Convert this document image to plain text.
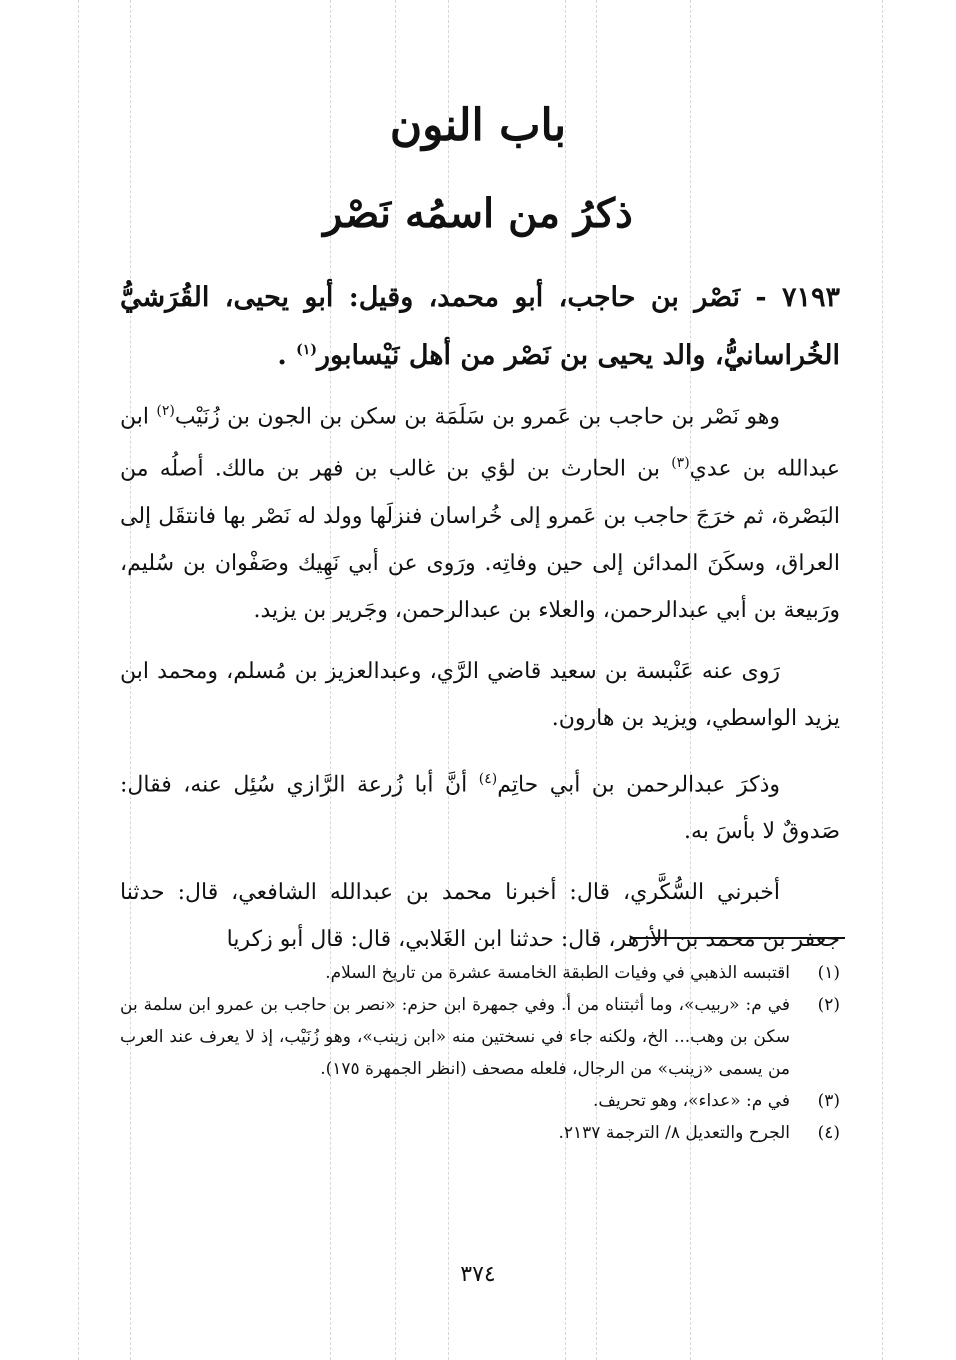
باب النون
ذكرُ من اسمُه نَصْر
٧١٩٣ - نَصْر بن حاجب، أبو محمد، وقيل: أبو يحيى، القُرَشيُّ الخُراسانيُّ، والد يحيى بن نَصْر من أهل نَيْسابور$^{(١)}$ .

وهو نَصْر بن حاجب بن عَمرو بن سَلَمَة بن سكن بن الجون بن زُنَيْب$^{(٢)}$ ابن عبدالله بن عدي$^{(٣)}$ بن الحارث بن لؤي بن غالب بن فهر بن مالك. أصلُه من البَصْرة، ثم خرَجَ حاجب بن عَمرو إلى خُراسان فنزلَها وولد له نَصْر بها فانتقَل إلى العراق، وسكَنَ المدائن إلى حين وفاتِه. ورَوى عن أبي نَهِيك وصَفْوان بن سُليم، ورَبيعة بن أبي عبدالرحمن، والعلاء بن عبدالرحمن، وجَرير بن يزيد.

رَوى عنه عَنْبسة بن سعيد قاضي الرَّي، وعبدالعزيز بن مُسلم، ومحمد ابن يزيد الواسطي، ويزيد بن هارون.

وذكرَ عبدالرحمن بن أبي حاتِم$^{(٤)}$ أنَّ أبا زُرعة الرَّازي سُئِل عنه، فقال: صَدوقٌ لا بأسَ به.

أخبرني السُّكَّري، قال: أخبرنا محمد بن عبدالله الشافعي، قال: حدثنا جعفر بن محمد بن الأزهر، قال: حدثنا ابن الغَلابي، قال: قال أبو زكريا

(١)
اقتبسه الذهبي في وفيات الطبقة الخامسة عشرة من تاريخ السلام.
(٢)
في م: «ربيب»، وما أثبتناه من أ. وفي جمهرة ابن حزم: «نصر بن حاجب بن عمرو ابن سلمة بن سكن بن وهب... الخ، ولكنه جاء في نسختين منه «ابن زينب»، وهو زُنَيْب، إذ لا يعرف عند العرب من يسمى «زينب» من الرجال، فلعله مصحف (انظر الجمهرة ١٧٥).
(٣)
في م: «عداء»، وهو تحريف.
(٤)
الجرح والتعديل ٨/ الترجمة ٢١٣٧.
٣٧٤
